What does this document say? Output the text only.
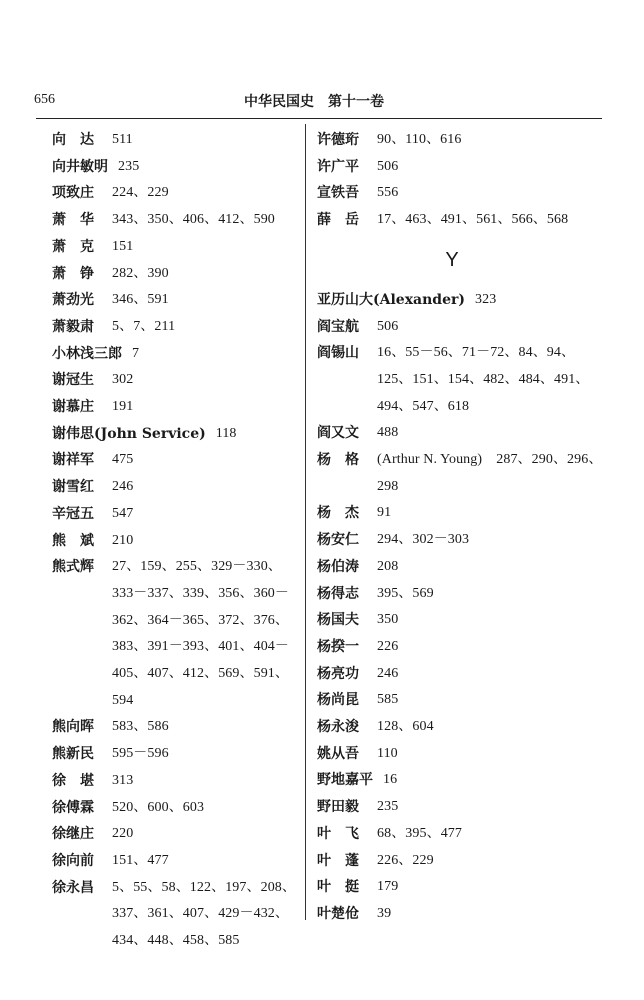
656	中华民国史　第十一卷
向　达	511
向井敏明 235
项致庄	224、229
萧　华	343、350、406、412、590
萧　克	151
萧　铮	282、390
萧劲光	346、591
萧毅肃	5、7、211
小林浅三郎 7
谢冠生	302
谢慕庄	191
谢伟思(John Service) 118
谢祥军	475
谢雪红	246
辛冠五	547
熊　斌	210
熊式辉	27、159、255、329－330、333－337、339、356、360－362、364－365、372、376、383、391－393、401、404－405、407、412、569、591、594
熊向晖	583、586
熊新民	595－596
徐　堪	313
徐傅霖	520、600、603
徐继庄	220
徐向前	151、477
徐永昌	5、55、58、122、197、208、337、361、407、429－432、434、448、458、585
许德珩	90、110、616
许广平	506
宣铁吾	556
薛　岳	17、463、491、561、566、568
Y
亚历山大(Alexander) 323
阎宝航	506
阎锡山	16、55－56、71－72、84、94、125、151、154、482、484、491、494、547、618
阎又文	488
杨　格	(Arthur N. Young)　287、290、296、298
杨　杰	91
杨安仁	294、302－303
杨伯涛	208
杨得志	395、569
杨国夫	350
杨揆一	226
杨亮功	246
杨尚昆	585
杨永浚	128、604
姚从吾	110
野地嘉平 16
野田毅	235
叶　飞	68、395、477
叶　蓬	226、229
叶　挺	179
叶楚伧	39
